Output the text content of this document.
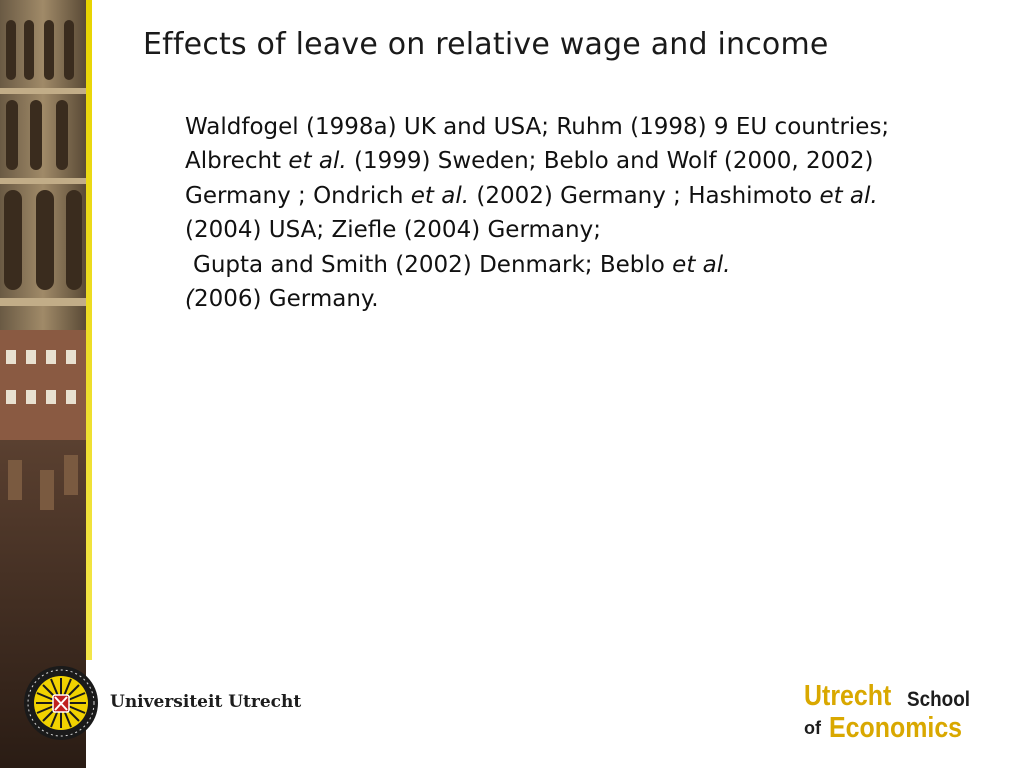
Effects of leave on relative wage and income
Waldfogel (1998a) UK and USA; Ruhm (1998) 9 EU countries; Albrecht et al. (1999) Sweden; Beblo and Wolf (2000, 2002) Germany ; Ondrich et al. (2002) Germany ; Hashimoto et al. (2004) USA; Ziefle (2004) Germany;
Gupta and Smith (2002) Denmark; Beblo et al.
(2006) Germany.
Universiteit Utrecht	Utrecht School
of Economics
